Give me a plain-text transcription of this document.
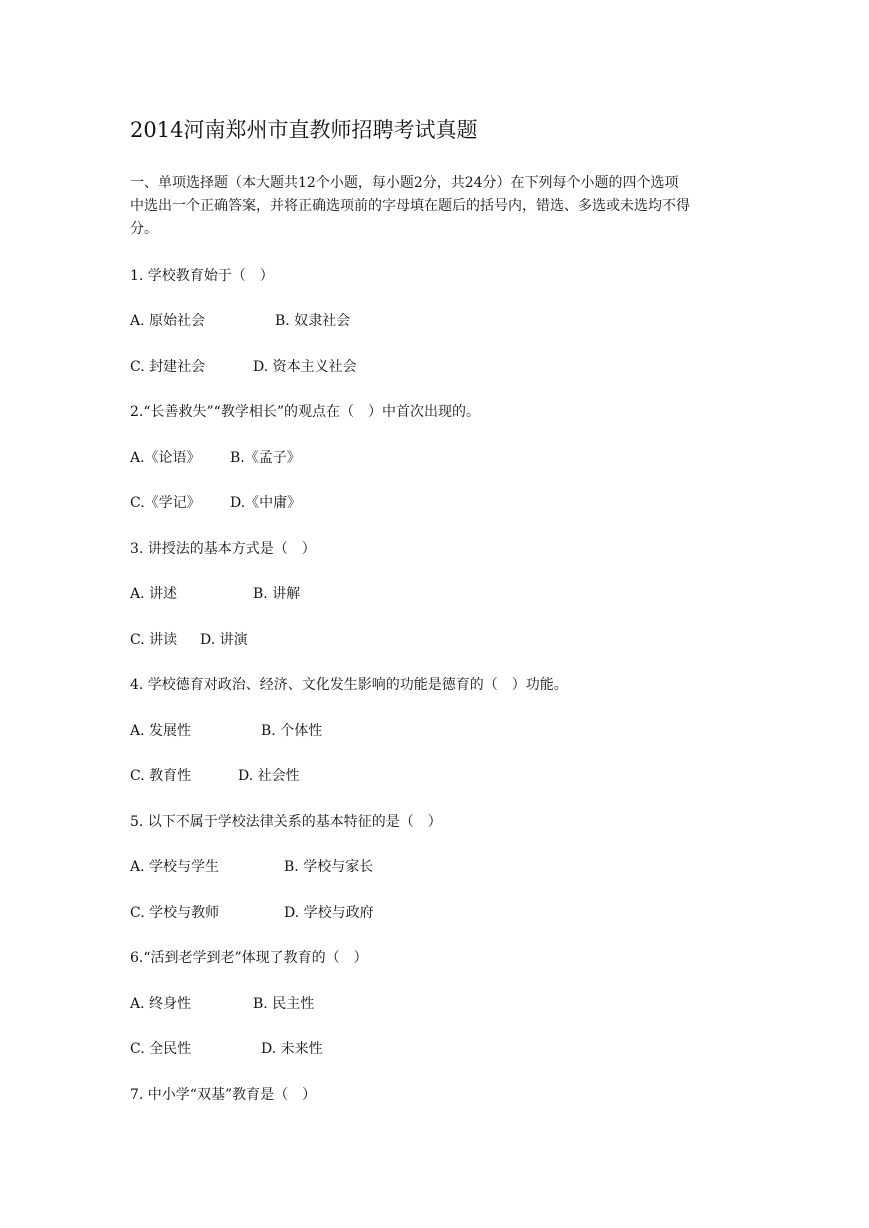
2014河南郑州市直教师招聘考试真题
一、单项选择题（本大题共12个小题，每小题2分，共24分）在下列每个小题的四个选项
中选出一个正确答案，并将正确选项前的字母填在题后的括号内，错选、多选或未选均不得
分。
1. 学校教育始于（　）
A. 原始社会	B. 奴隶社会
C. 封建社会	D. 资本主义社会
2.“长善救失”“教学相长”的观点在（　）中首次出现的。
A.《论语》 B.《孟子》
C.《学记》 D.《中庸》
3. 讲授法的基本方式是（　）
A. 讲述	B. 讲解
C. 讲读 D. 讲演
4. 学校德育对政治、经济、文化发生影响的功能是德育的（　）功能。
A. 发展性	B. 个体性
C. 教育性	D. 社会性
5. 以下不属于学校法律关系的基本特征的是（　）
A. 学校与学生	B. 学校与家长
C. 学校与教师	D. 学校与政府
6.“活到老学到老”体现了教育的（　）
A. 终身性	B. 民主性
C. 全民性	D. 未来性
7. 中小学“双基”教育是（　）
